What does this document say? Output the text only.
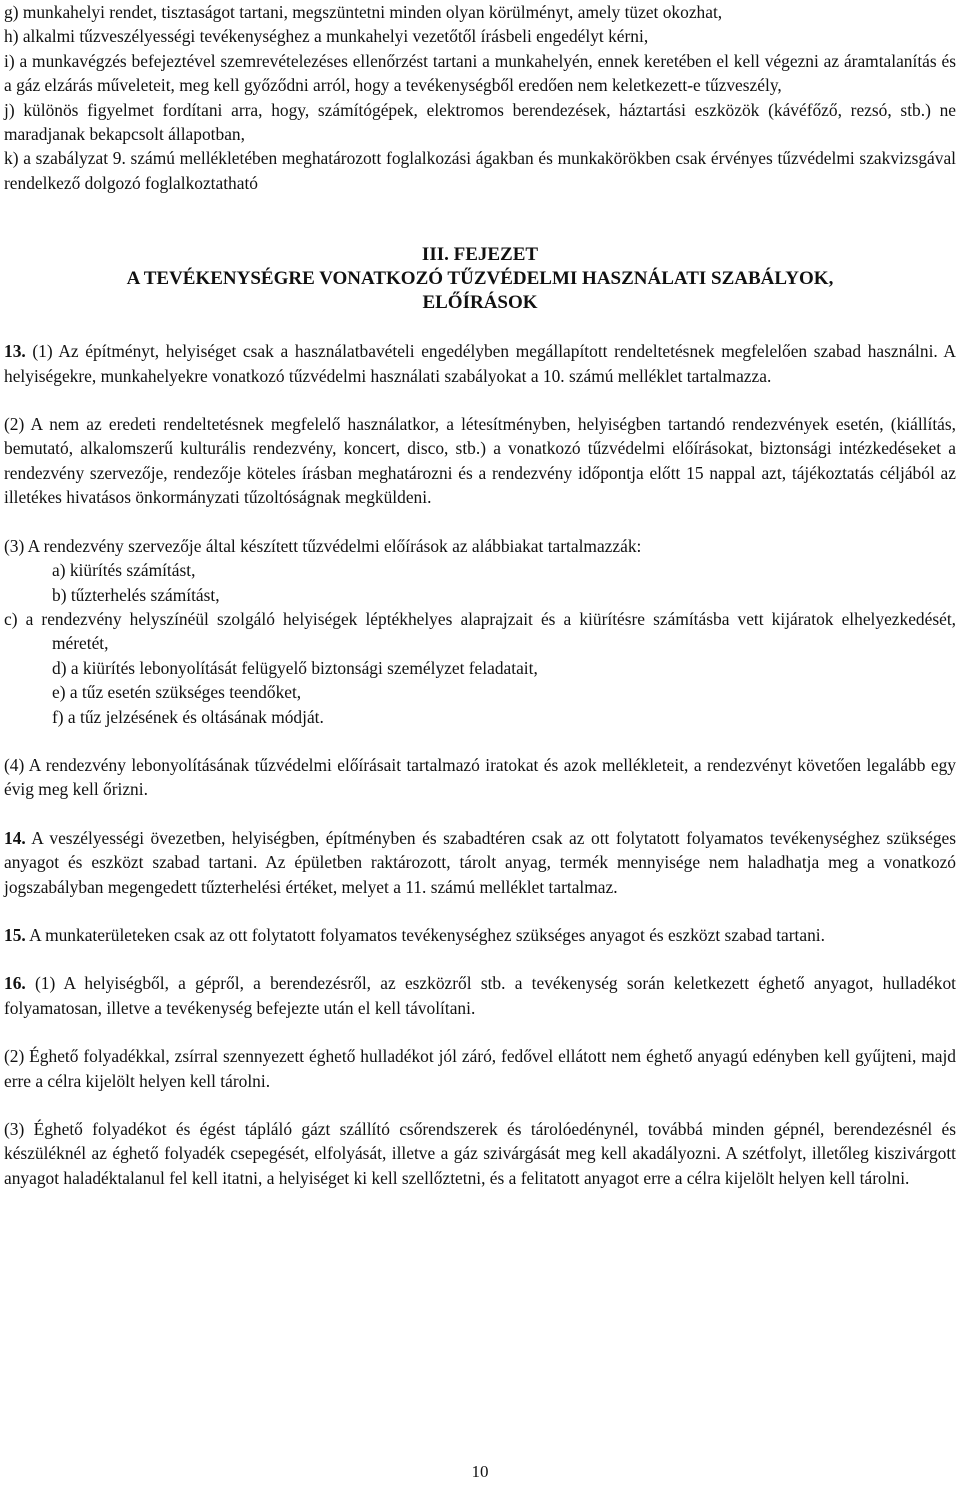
g) munkahelyi rendet, tisztaságot tartani, megszüntetni minden olyan körülményt, amely tüzet okozhat,

h) alkalmi tűzveszélyességi tevékenységhez a munkahelyi vezetőtől írásbeli engedélyt kérni,

i) a munkavégzés befejeztével szemrevételezéses ellenőrzést tartani a munkahelyén, ennek keretében el kell végezni az áramtalanítás és a gáz elzárás műveleteit, meg kell győződni arról, hogy a tevékenységből eredően nem keletkezett-e tűzveszély,

j) különös figyelmet fordítani arra, hogy, számítógépek, elektromos berendezések, háztartási eszközök (kávéfőző, rezsó, stb.) ne maradjanak bekapcsolt állapotban,

k) a szabályzat 9. számú mellékletében meghatározott foglalkozási ágakban és munkakörökben csak érvényes tűzvédelmi szakvizsgával rendelkező dolgozó foglalkoztatható

III. FEJEZET
A TEVÉKENYSÉGRE VONATKOZÓ TŰZVÉDELMI HASZNÁLATI SZABÁLYOK,
ELŐÍRÁSOK

13. (1) Az építményt, helyiséget csak a használatbavételi engedélyben megállapított rendeltetésnek megfelelően szabad használni. A helyiségekre, munkahelyekre vonatkozó tűzvédelmi használati szabályokat a 10. számú melléklet tartalmazza.

(2) A nem az eredeti rendeltetésnek megfelelő használatkor, a létesítményben, helyiségben tartandó rendezvények esetén, (kiállítás, bemutató, alkalomszerű kulturális rendezvény, koncert, disco, stb.) a vonatkozó tűzvédelmi előírásokat, biztonsági intézkedéseket a rendezvény szervezője, rendezője köteles írásban meghatározni és a rendezvény időpontja előtt 15 nappal azt, tájékoztatás céljából az illetékes hivatásos önkormányzati tűzoltóságnak megküldeni.

(3) A rendezvény szervezője által készített tűzvédelmi előírások az alábbiakat tartalmazzák:

a) kiürítés számítást,

b) tűzterhelés számítást,

c) a rendezvény helyszínéül szolgáló helyiségek léptékhelyes alaprajzait és a kiürítésre számításba vett kijáratok elhelyezkedését, méretét,

d) a kiürítés lebonyolítását felügyelő biztonsági személyzet feladatait,

e) a tűz esetén szükséges teendőket,

f) a tűz jelzésének és oltásának módját.

(4) A rendezvény lebonyolításának tűzvédelmi előírásait tartalmazó iratokat és azok mellékleteit, a rendezvényt követően legalább egy évig meg kell őrizni.

14. A veszélyességi övezetben, helyiségben, építményben és szabadtéren csak az ott folytatott folyamatos tevékenységhez szükséges anyagot és eszközt szabad tartani. Az épületben raktározott, tárolt anyag, termék mennyisége nem haladhatja meg a vonatkozó jogszabályban megengedett tűzterhelési értéket, melyet a 11. számú melléklet tartalmaz.

15. A munkaterületeken csak az ott folytatott folyamatos tevékenységhez szükséges anyagot és eszközt szabad tartani.

16. (1) A helyiségből, a gépről, a berendezésről, az eszközről stb. a tevékenység során keletkezett éghető anyagot, hulladékot folyamatosan, illetve a tevékenység befejezte után el kell távolítani.

(2) Éghető folyadékkal, zsírral szennyezett éghető hulladékot jól záró, fedővel ellátott nem éghető anyagú edényben kell gyűjteni, majd erre a célra kijelölt helyen kell tárolni.

(3) Éghető folyadékot és égést tápláló gázt szállító csőrendszerek és tárolóedénynél, továbbá minden gépnél, berendezésnél és készüléknél az éghető folyadék csepegését, elfolyását, illetve a gáz szivárgását meg kell akadályozni. A szétfolyt, illetőleg kiszivárgott anyagot haladéktalanul fel kell itatni, a helyiséget ki kell szellőztetni, és a felitatott anyagot erre a célra kijelölt helyen kell tárolni.

10
